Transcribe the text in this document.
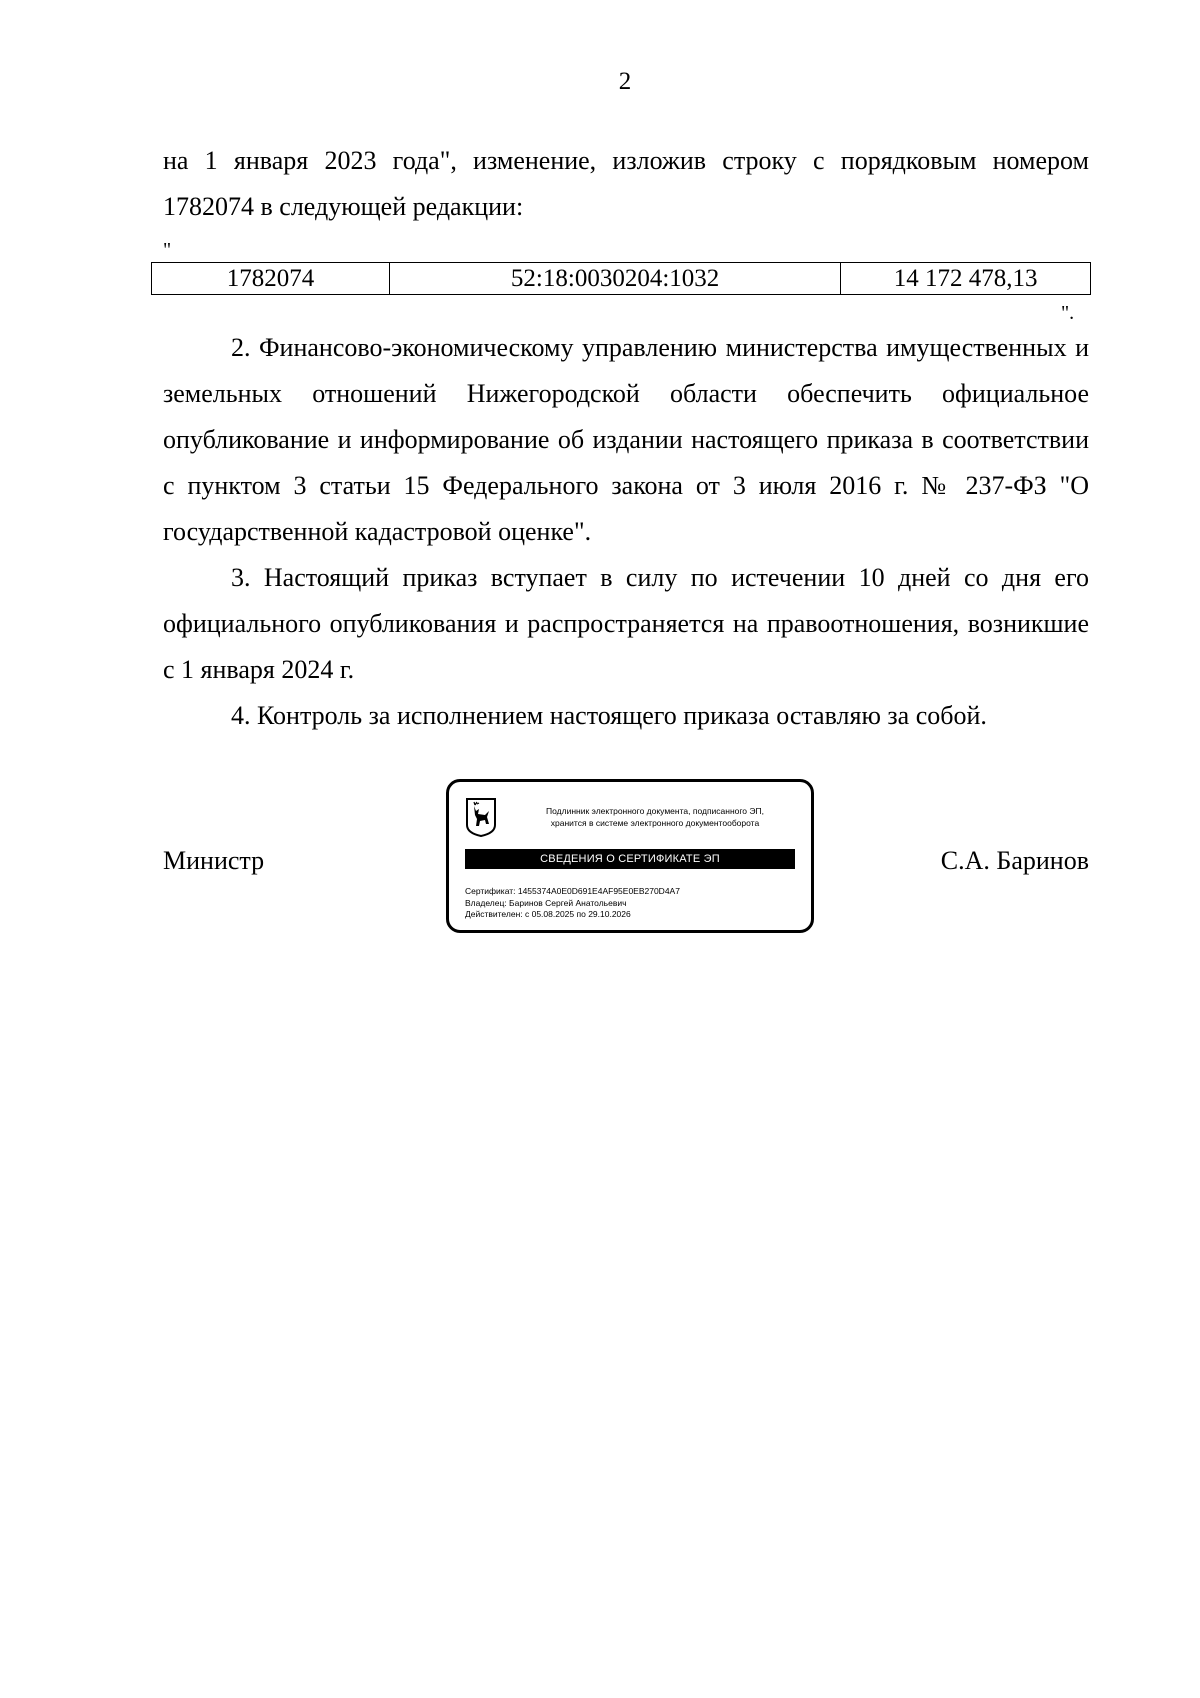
2

на 1 января 2023 года", изменение, изложив строку с порядковым номером

1782074 в следующей редакции:

"
1782074	52:18:0030204:1032	14 172 478,13
".

2. Финансово-экономическому управлению министерства имущественных и земельных отношений Нижегородской области обеспечить официальное опубликование и информирование об издании настоящего приказа в соответствии с пунктом 3 статьи 15 Федерального закона от 3 июля 2016 г. № 237-ФЗ "О государственной кадастровой оценке".

3. Настоящий приказ вступает в силу по истечении 10 дней со дня его официального опубликования и распространяется на правоотношения, возникшие с 1 января 2024 г.

4. Контроль за исполнением настоящего приказа оставляю за собой.

Министр	С.А. Баринов
Подлинник электронного документа, подписанного ЭП,
хранится в системе электронного документооборота
СВЕДЕНИЯ О СЕРТИФИКАТЕ ЭП
Сертификат: 1455374A0E0D691E4AF95E0EB270D4A7
Владелец: Баринов Сергей Анатольевич
Действителен: с 05.08.2025 по 29.10.2026
